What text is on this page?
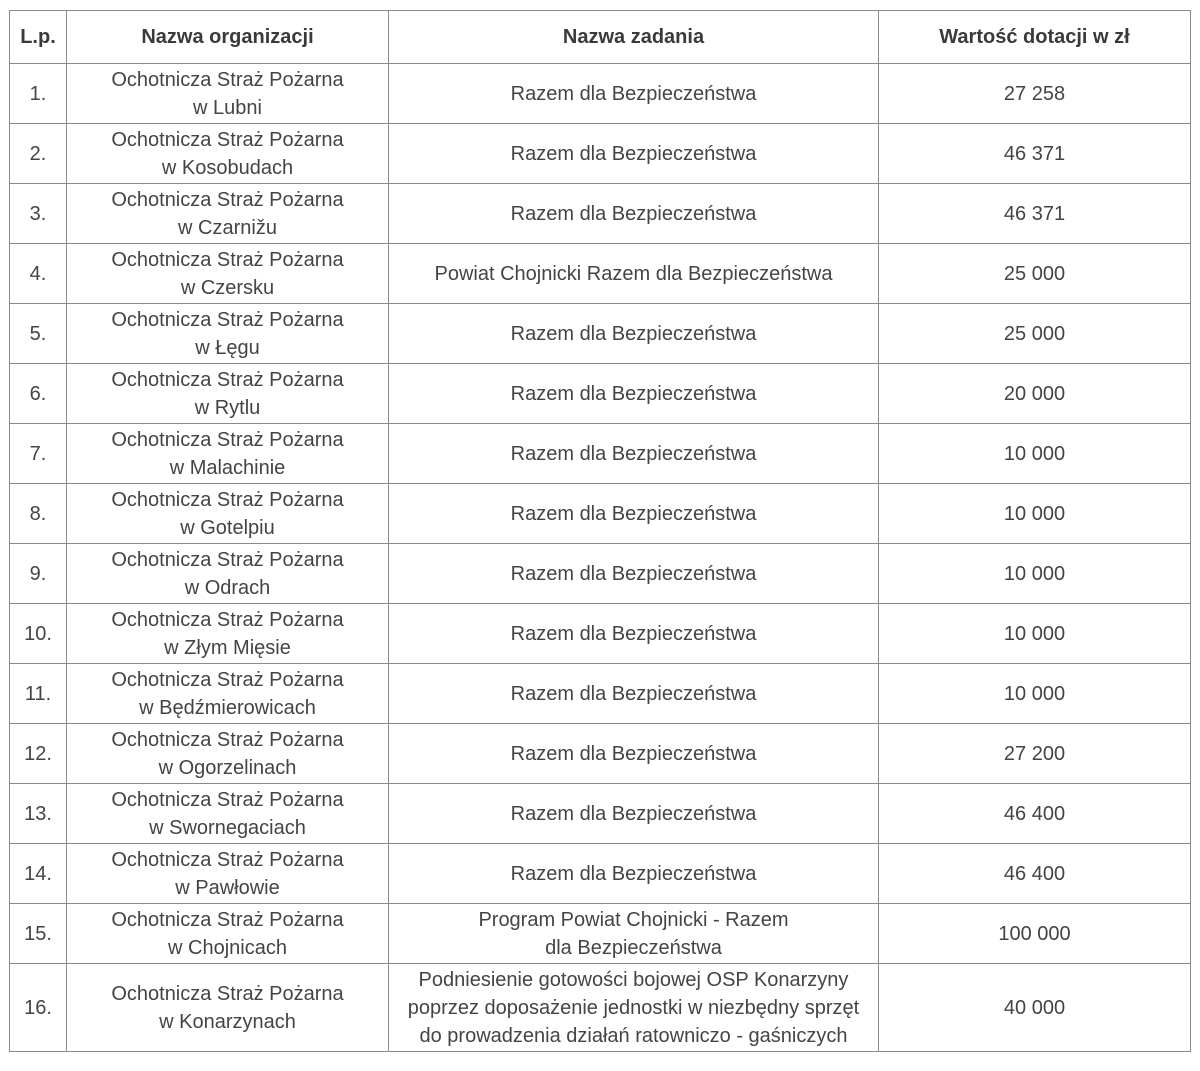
L.p.	Nazwa organizacji	Nazwa zadania	Wartość dotacji w zł

1.	Ochotnicza Straż Pożarna
w Lubni	Razem dla Bezpieczeństwa	27 258

2.	Ochotnicza Straż Pożarna
w Kosobudach	Razem dla Bezpieczeństwa	46 371

3.	Ochotnicza Straż Pożarna
w Czarnižu	Razem dla Bezpieczeństwa	46 371

4.	Ochotnicza Straż Pożarna
w Czersku	Powiat Chojnicki Razem dla Bezpieczeństwa	25 000

5.	Ochotnicza Straż Pożarna
w Łęgu	Razem dla Bezpieczeństwa	25 000

6.	Ochotnicza Straż Pożarna
w Rytlu	Razem dla Bezpieczeństwa	20 000

7.	Ochotnicza Straż Pożarna
w Malachinie	Razem dla Bezpieczeństwa	10 000

8.	Ochotnicza Straż Pożarna
w Gotelpiu	Razem dla Bezpieczeństwa	10 000

9.	Ochotnicza Straż Pożarna
w Odrach	Razem dla Bezpieczeństwa	10 000

10.	Ochotnicza Straż Pożarna
w Złym Mięsie	Razem dla Bezpieczeństwa	10 000

11.	Ochotnicza Straż Pożarna
w Będźmierowicach	Razem dla Bezpieczeństwa	10 000

12.	Ochotnicza Straż Pożarna
w Ogorzelinach	Razem dla Bezpieczeństwa	27 200

13.	Ochotnicza Straż Pożarna
w Swornegaciach	Razem dla Bezpieczeństwa	46 400

14.	Ochotnicza Straż Pożarna
w Pawłowie	Razem dla Bezpieczeństwa	46 400

15.	Ochotnicza Straż Pożarna
w Chojnicach	Program Powiat Chojnicki - Razem
dla Bezpieczeństwa	100 000

16.	Ochotnicza Straż Pożarna
w Konarzynach	Podniesienie gotowości bojowej OSP Konarzyny
poprzez doposażenie jednostki w niezbędny sprzęt
do prowadzenia działań ratowniczo - gaśniczych	40 000
